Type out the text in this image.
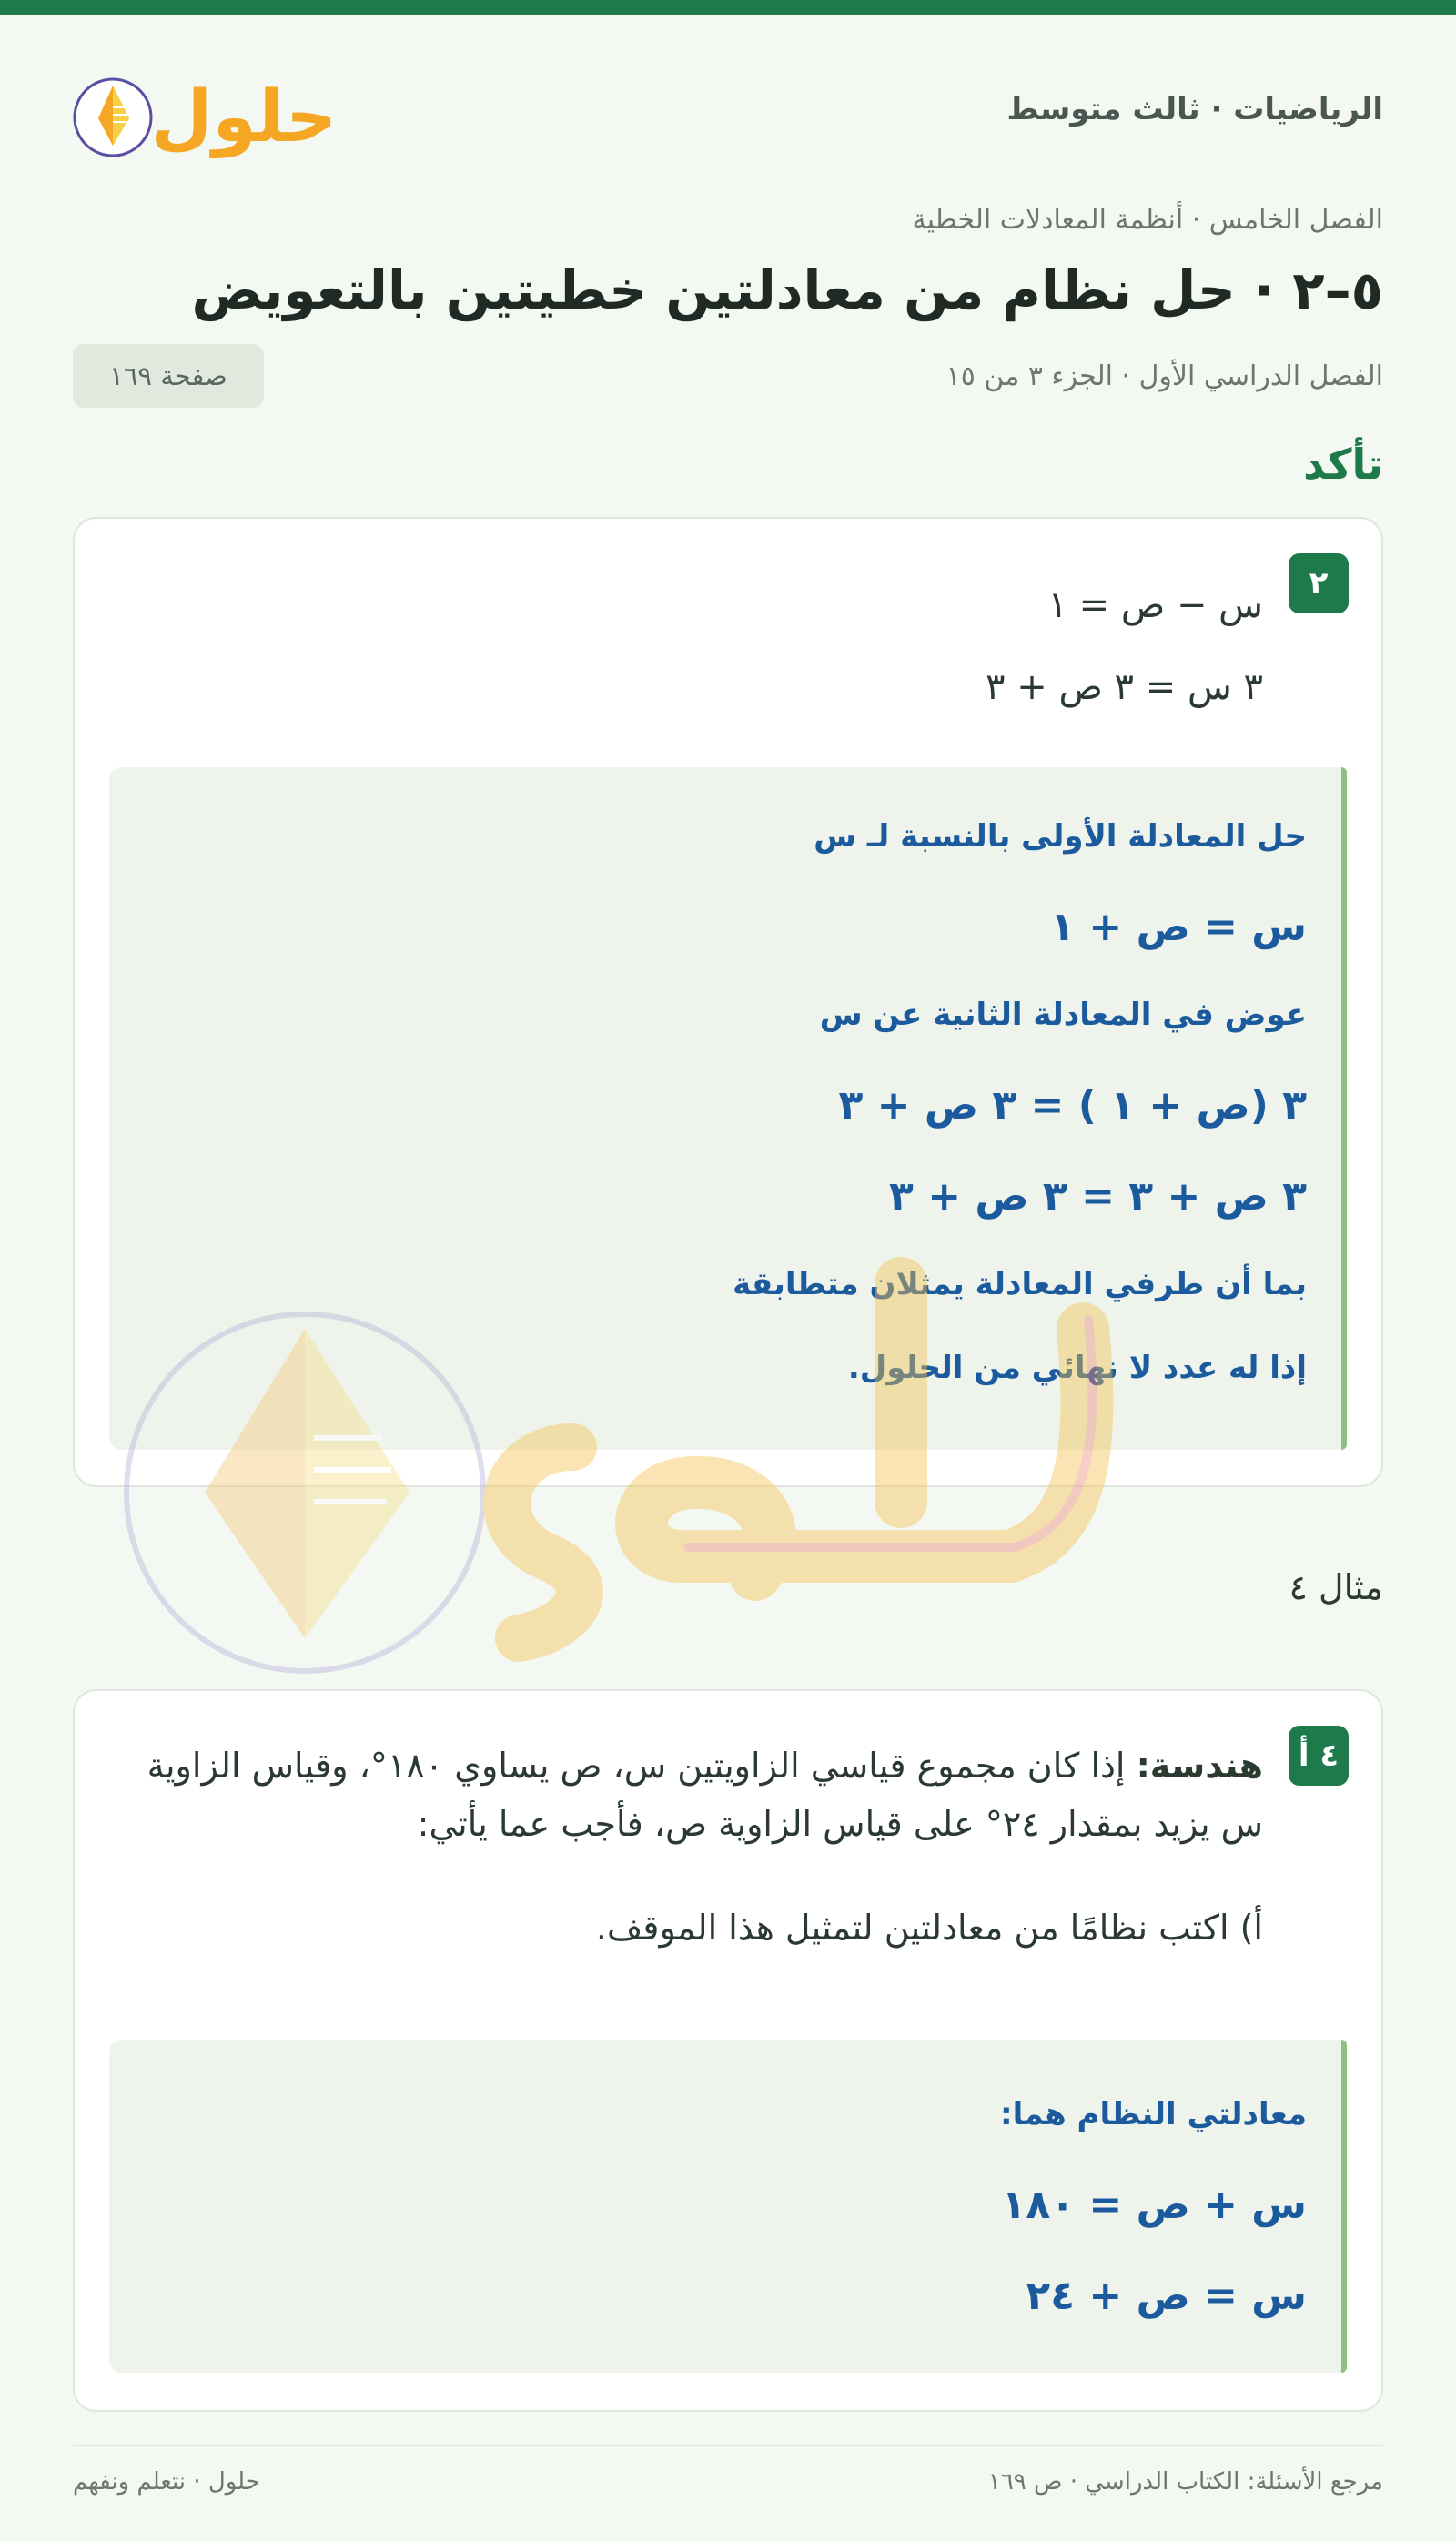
الرياضيات · ثالث متوسط
حلول
الفصل الخامس · أنظمة المعادلات الخطية
٥–٢ · حل نظام من معادلتين خطيتين بالتعويض
الفصل الدراسي الأول · الجزء ٣ من ١٥
صفحة ١٦٩
تأكد
٢
س − ص = ١
٣ س = ٣ ص + ٣
حل المعادلة الأولى بالنسبة لـ س
س = ص + ١
عوض في المعادلة الثانية عن س
٣ (ص + ١ ) = ٣ ص + ٣
٣ ص + ٣ = ٣ ص + ٣
بما أن طرفي المعادلة يمثلان متطابقة
إذا له عدد لا نهائي من الحلول.
مثال ٤
٤ أ
هندسة: إذا كان مجموع قياسي الزاويتين س، ص يساوي ١٨٠°، وقياس الزاوية س يزيد بمقدار ٢٤° على قياس الزاوية ص، فأجب عما يأتي:
أ) اكتب نظامًا من معادلتين لتمثيل هذا الموقف.
معادلتي النظام هما:
س + ص = ١٨٠
س = ص + ٢٤
مرجع الأسئلة: الكتاب الدراسي · ص ١٦٩
حلول · نتعلم ونفهم
